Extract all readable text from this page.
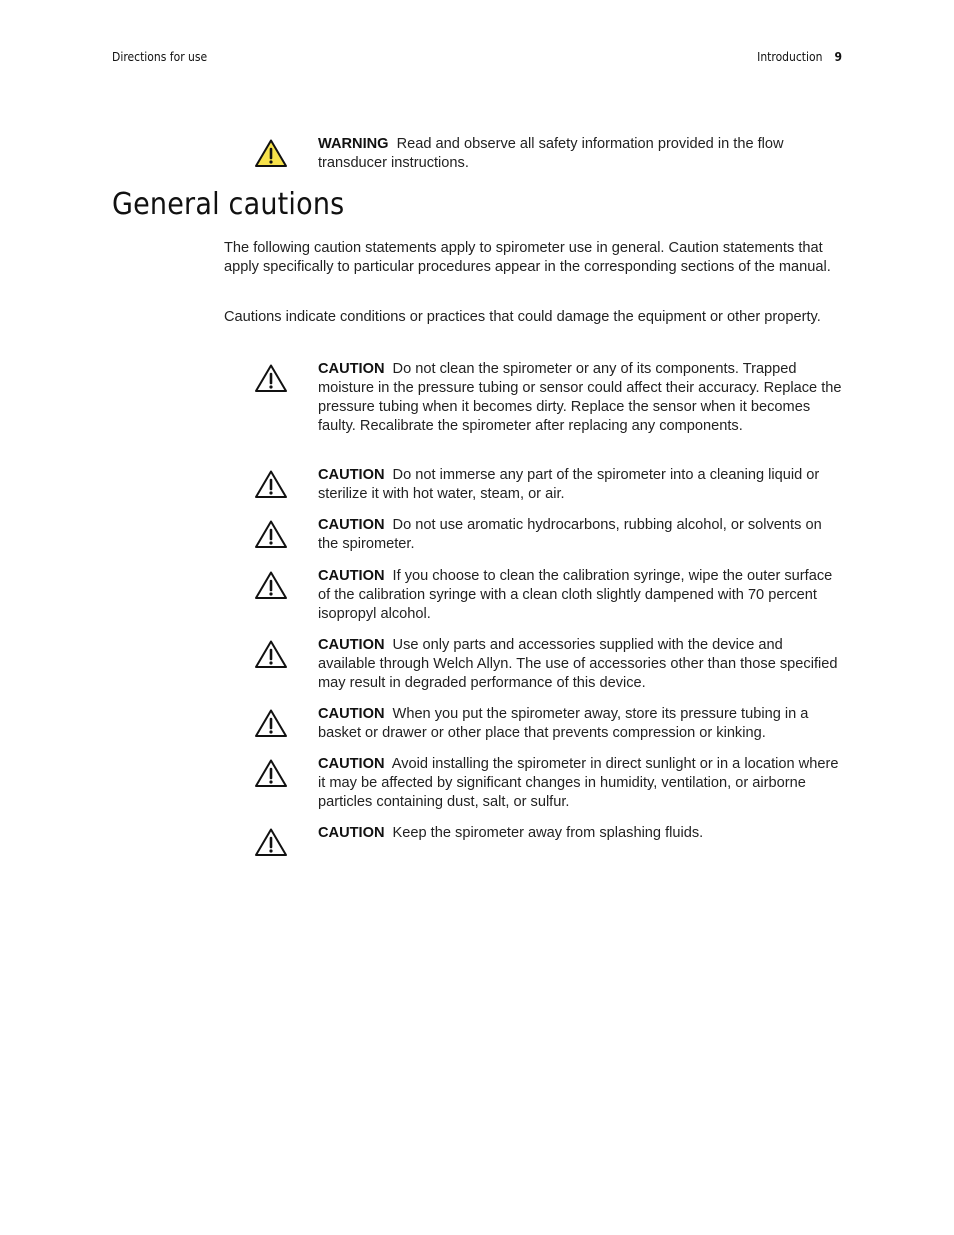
Directions for use	Introduction 9
WARNING Read and observe all safety information provided in the flow transducer instructions.
General cautions

The following caution statements apply to spirometer use in general. Caution statements that apply specifically to particular procedures appear in the corresponding sections of the manual.

Cautions indicate conditions or practices that could damage the equipment or other property.

CAUTION Do not clean the spirometer or any of its components. Trapped moisture in the pressure tubing or sensor could affect their accuracy. Replace the pressure tubing when it becomes dirty. Replace the sensor when it becomes faulty. Recalibrate the spirometer after replacing any components.
CAUTION Do not immerse any part of the spirometer into a cleaning liquid or sterilize it with hot water, steam, or air.
CAUTION Do not use aromatic hydrocarbons, rubbing alcohol, or solvents on the spirometer.
CAUTION If you choose to clean the calibration syringe, wipe the outer surface of the calibration syringe with a clean cloth slightly dampened with 70 percent isopropyl alcohol.
CAUTION Use only parts and accessories supplied with the device and available through Welch Allyn. The use of accessories other than those specified may result in degraded performance of this device.
CAUTION When you put the spirometer away, store its pressure tubing in a basket or drawer or other place that prevents compression or kinking.
CAUTION Avoid installing the spirometer in direct sunlight or in a location where it may be affected by significant changes in humidity, ventilation, or airborne particles containing dust, salt, or sulfur.
CAUTION Keep the spirometer away from splashing fluids.
